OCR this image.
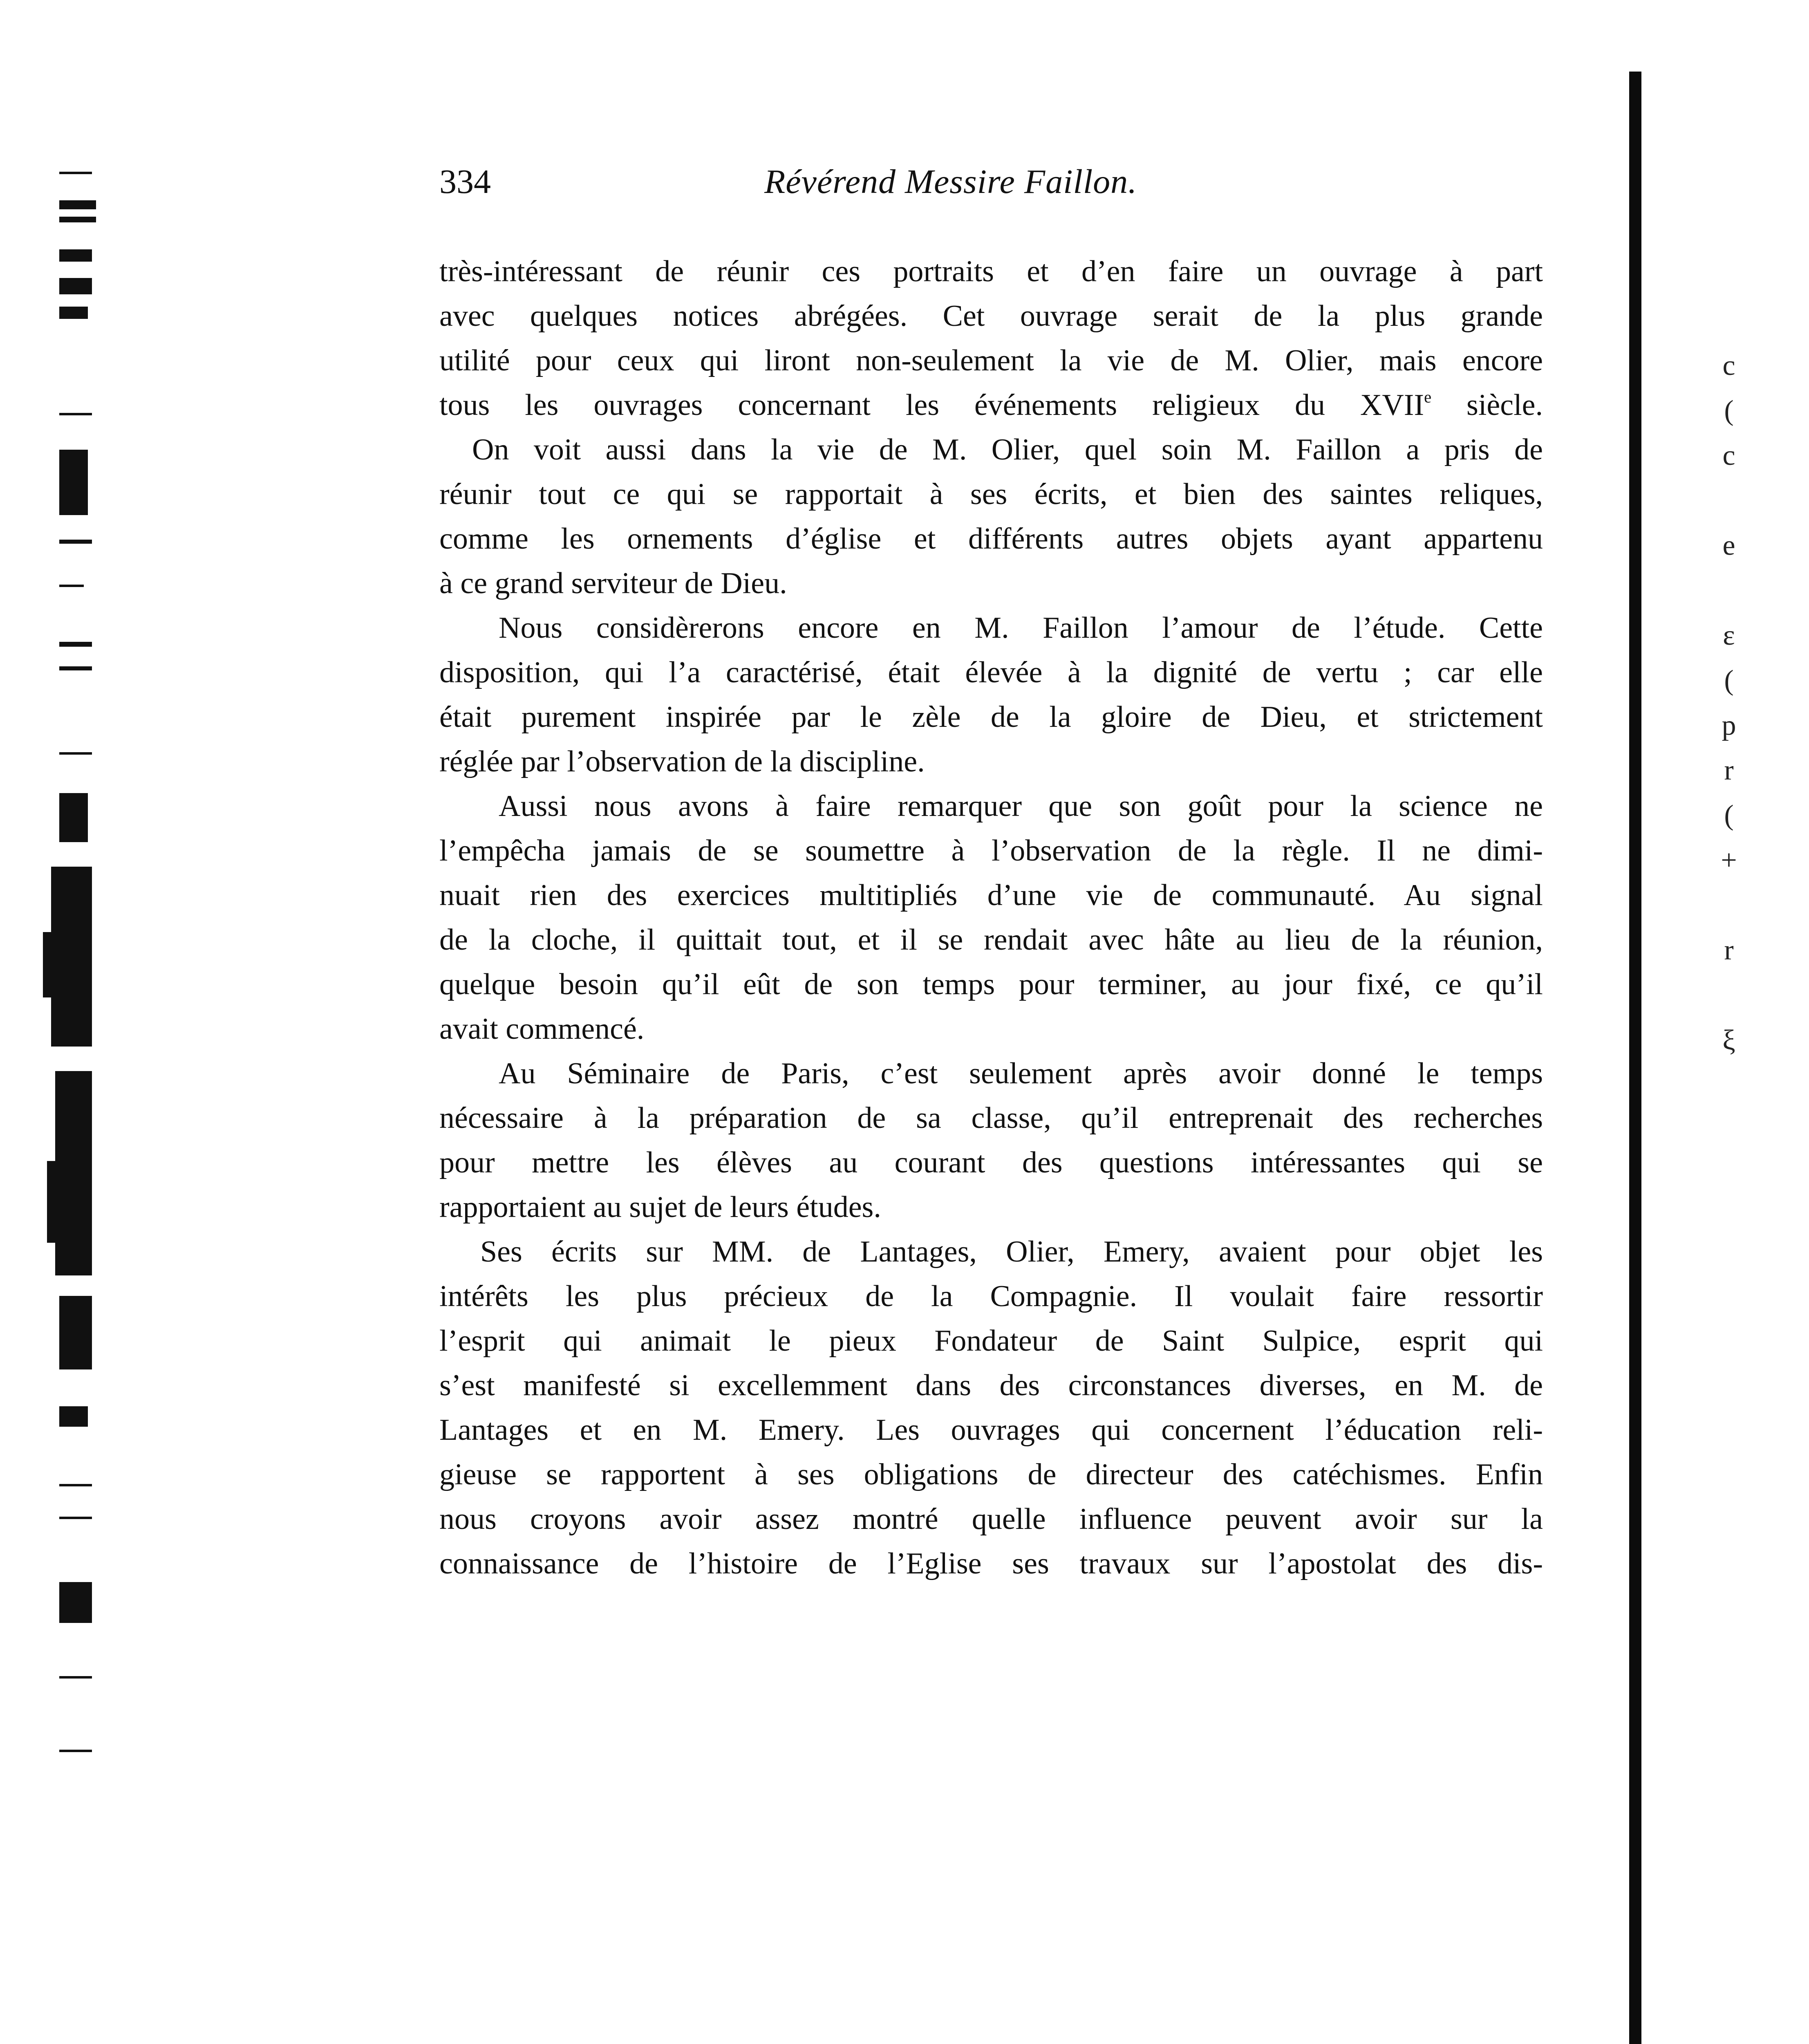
334	Révérend Messire Faillon.

très-intéressant de réunir ces portraits et d’en faire un ouvrage à part
avec quelques notices abrégées. Cet ouvrage serait de la plus grande
utilité pour ceux qui liront non-seulement la vie de M. Olier, mais encore
tous les ouvrages concernant les événements religieux du XVIIe siècle.

On voit aussi dans la vie de M. Olier, quel soin M. Faillon a pris de
réunir tout ce qui se rapportait à ses écrits, et bien des saintes reliques,
comme les ornements d’église et différents autres objets ayant appartenu
à ce grand serviteur de Dieu.

Nous considèrerons encore en M. Faillon l’amour de l’étude. Cette
disposition, qui l’a caractérisé, était élevée à la dignité de vertu ; car elle
était purement inspirée par le zèle de la gloire de Dieu, et strictement
réglée par l’observation de la discipline.

Aussi nous avons à faire remarquer que son goût pour la science ne
l’empêcha jamais de se soumettre à l’observation de la règle. Il ne dimi-
nuait rien des exercices multitipliés d’une vie de communauté. Au signal
de la cloche, il quittait tout, et il se rendait avec hâte au lieu de la réunion,
quelque besoin qu’il eût de son temps pour terminer, au jour fixé, ce qu’il
avait commencé.

Au Séminaire de Paris, c’est seulement après avoir donné le temps
nécessaire à la préparation de sa classe, qu’il entreprenait des recherches
pour mettre les élèves au courant des questions intéressantes qui se
rapportaient au sujet de leurs études.

Ses écrits sur MM. de Lantages, Olier, Emery, avaient pour objet les
intérêts les plus précieux de la Compagnie. Il voulait faire ressortir
l’esprit qui animait le pieux Fondateur de Saint Sulpice, esprit qui
s’est manifesté si excellemment dans des circonstances diverses, en M. de
Lantages et en M. Emery. Les ouvrages qui concernent l’éducation reli-
gieuse se rapportent à ses obligations de directeur des catéchismes. Enfin
nous croyons avoir assez montré quelle influence peuvent avoir sur la
connaissance de l’histoire de l’Eglise ses travaux sur l’apostolat des dis-

c
(
c
e
ε
(
p
r
(
+
r
ξ
